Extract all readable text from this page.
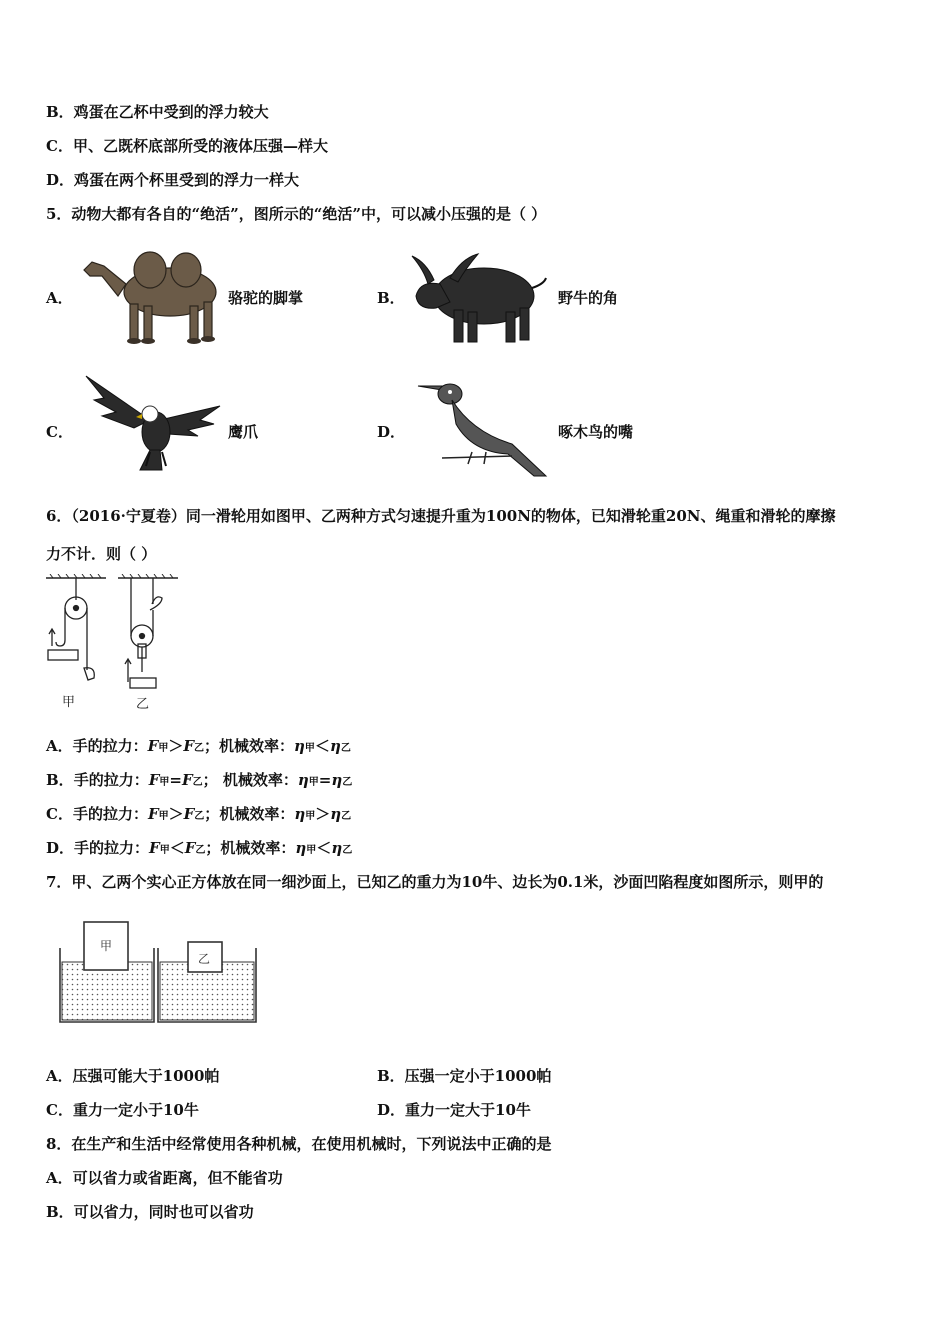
B．鸡蛋在乙杯中受到的浮力较大
C．甲、乙既杯底部所受的液体压强—样大
D．鸡蛋在两个杯里受到的浮力一样大
5．动物大都有各自的“绝活”，图所示的“绝活”中，可以减小压强的是（ ）
A．	骆驼的脚掌	B．	野牛的角
C．	鹰爪	D．	啄木鸟的嘴
6．（2016·宁夏卷）同一滑轮用如图甲、乙两种方式匀速提升重为100N的物体，已知滑轮重20N、绳重和滑轮的摩擦
力不计．则（ ）
甲	乙
A．手的拉力：F甲＞F乙；机械效率：η甲＜η乙
B．手的拉力：F甲=F乙； 机械效率：η甲=η乙
C．手的拉力：F甲＞F乙；机械效率：η甲＞η乙
D．手的拉力：F甲＜F乙；机械效率：η甲＜η乙
7．甲、乙两个实心正方体放在同一细沙面上，已知乙的重力为10牛、边长为0.1米，沙面凹陷程度如图所示，则甲的
甲
乙
A．压强可能大于1000帕	B．压强一定小于1000帕
C．重力一定小于10牛	D．重力一定大于10牛
8．在生产和生活中经常使用各种机械，在使用机械时，下列说法中正确的是
A．可以省力或省距离，但不能省功
B．可以省力，同时也可以省功
